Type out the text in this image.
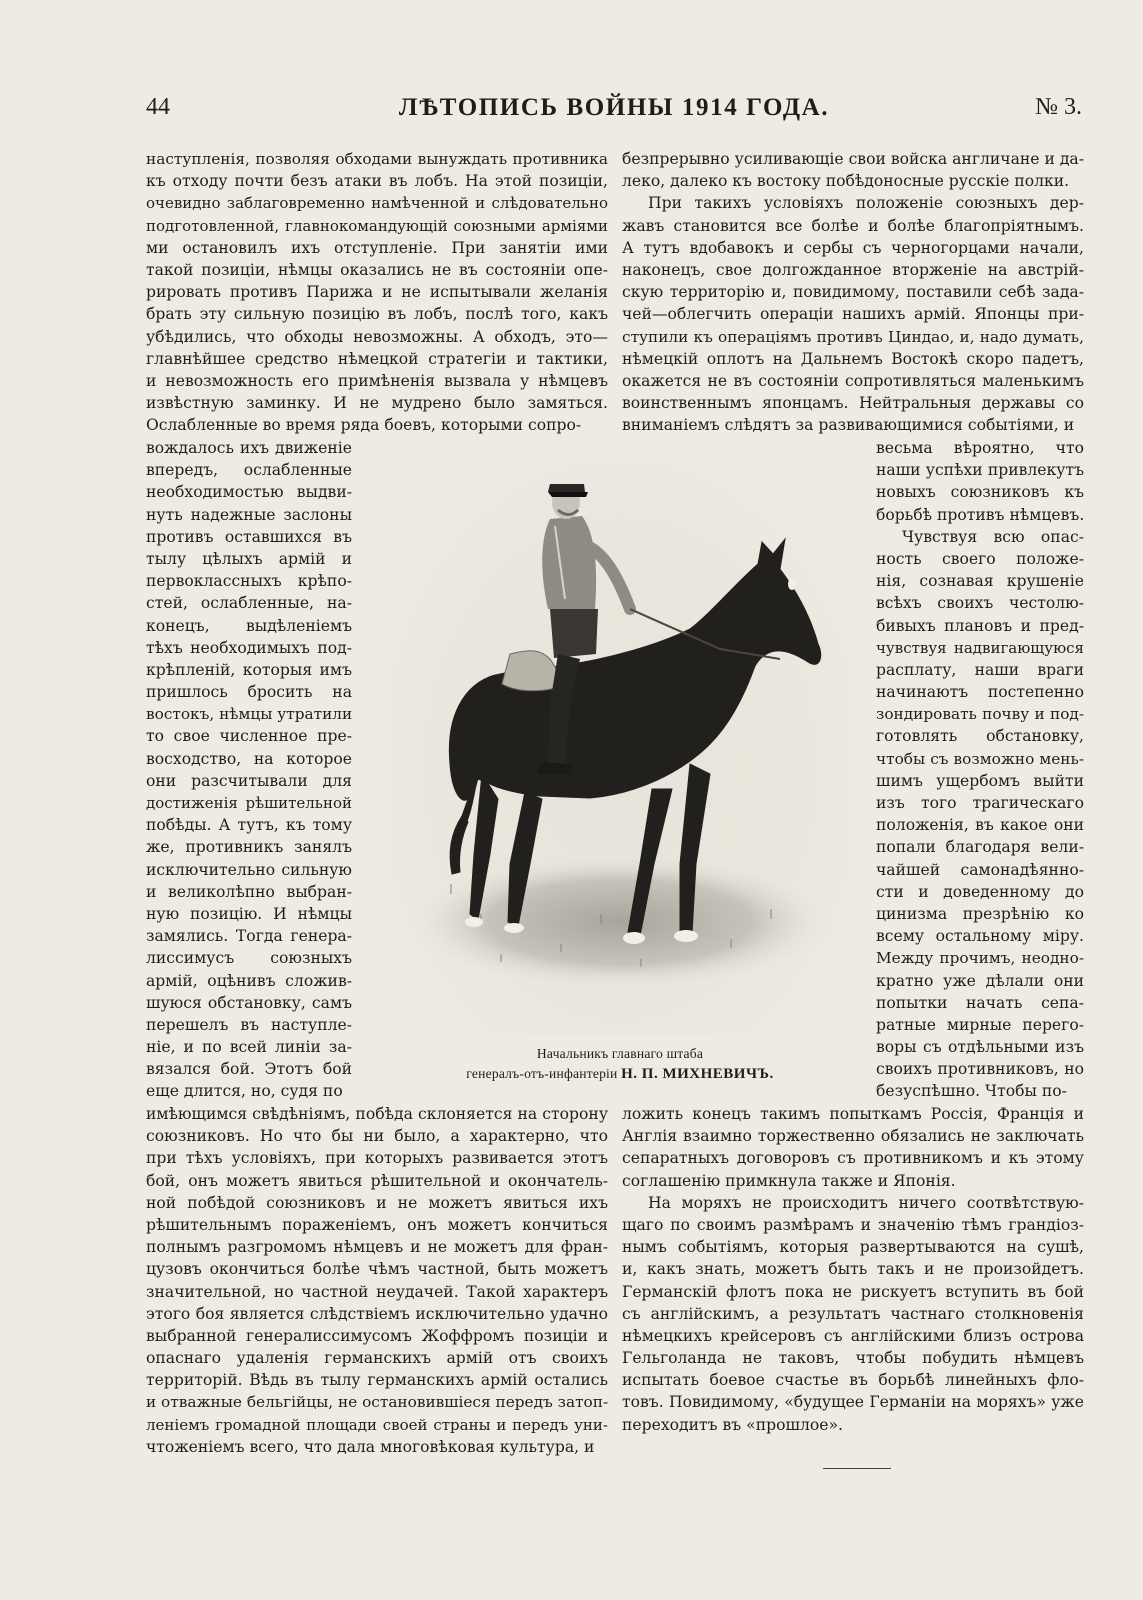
44	ЛѢТОПИСЬ ВОЙНЫ 1914 ГОДА.	№ 3.
наступленія, позволяя обходами вынуждать противника
къ отходу почти безъ атаки въ лобъ. На этой позиціи,
очевидно заблаговременно намѣченной и слѣдовательно
подготовленной, главнокомандующій союзными арміями
ми остановилъ ихъ отступленіе. При занятіи ими
такой позиціи, нѣмцы оказались не въ состояніи опе-
рировать противъ Парижа и не испытывали желанія
брать эту сильную позицію въ лобъ, послѣ того, какъ
убѣдились, что обходы невозможны. А обходъ, это—
главнѣйшее средство нѣмецкой стратегіи и тактики,
и невозможность его примѣненія вызвала у нѣмцевъ
извѣстную заминку. И не мудрено было замяться.
Ослабленные во время ряда боевъ, которыми сопро-
вождалось ихъ движеніе
впередъ, ослабленные
необходимостью выдви-
нуть надежные заслоны
противъ оставшихся въ
тылу цѣлыхъ армій и
первоклассныхъ крѣпо-
стей, ослабленные, на-
конецъ, выдѣленіемъ
тѣхъ необходимыхъ под-
крѣпленій, которыя имъ
пришлось бросить на
востокъ, нѣмцы утратили
то свое численное пре-
восходство, на которое
они разсчитывали для
достиженія рѣшительной
побѣды. А тутъ, къ тому
же, противникъ занялъ
исключительно сильную
и великолѣпно выбран-
ную позицію. И нѣмцы
замялись. Тогда генера-
лиссимусъ союзныхъ
армій, оцѣнивъ сложив-
шуюся обстановку, самъ
перешелъ въ наступле-
ніе, и по всей линіи за-
вязался бой. Этотъ бой
еще длится, но, судя по
имѣющимся свѣдѣніямъ, побѣда склоняется на сторону
союзниковъ. Но что бы ни было, а характерно, что
при тѣхъ условіяхъ, при которыхъ развивается этотъ
бой, онъ можетъ явиться рѣшительной и окончатель-
ной побѣдой союзниковъ и не можетъ явиться ихъ
рѣшительнымъ пораженіемъ, онъ можетъ кончиться
полнымъ разгромомъ нѣмцевъ и не можетъ для фран-
цузовъ окончиться болѣе чѣмъ частной, быть можетъ
значительной, но частной неудачей. Такой характеръ
этого боя является слѣдствіемъ исключительно удачно
выбранной генералиссимусомъ Жоффромъ позиціи и
опаснаго удаленія германскихъ армій отъ своихъ
территорій. Вѣдь въ тылу германскихъ армій остались
и отважные бельгійцы, не остановившіеся передъ затоп-
леніемъ громадной площади своей страны и передъ уни-
чтоженіемъ всего, что дала многовѣковая культура, и
безпрерывно усиливающіе свои войска англичане и да-
леко, далеко къ востоку побѣдоносные русскіе полки.
При такихъ условіяхъ положеніе союзныхъ дер-
жавъ становится все болѣе и болѣе благопріятнымъ.
А тутъ вдобавокъ и сербы съ черногорцами начали,
наконецъ, свое долгожданное вторженіе на австрій-
скую территорію и, повидимому, поставили себѣ зада-
чей—облегчить операціи нашихъ армій. Японцы при-
ступили къ операціямъ противъ Циндао, и, надо думать,
нѣмецкій оплотъ на Дальнемъ Востокѣ скоро падетъ,
окажется не въ состояніи сопротивляться маленькимъ
воинственнымъ японцамъ. Нейтральныя державы со
вниманіемъ слѣдятъ за развивающимися событіями, и
весьма вѣроятно, что
наши успѣхи привлекутъ
новыхъ союзниковъ къ
борьбѣ противъ нѣмцевъ.
Чувствуя всю опас-
ность своего положе-
нія, сознавая крушеніе
всѣхъ своихъ честолю-
бивыхъ плановъ и пред-
чувствуя надвигающуюся
расплату, наши враги
начинаютъ постепенно
зондировать почву и под-
готовлять обстановку,
чтобы съ возможно мень-
шимъ ущербомъ выйти
изъ того трагическаго
положенія, въ какое они
попали благодаря вели-
чайшей самонадѣянно-
сти и доведенному до
цинизма презрѣнію ко
всему остальному міру.
Между прочимъ, неодно-
кратно уже дѣлали они
попытки начать сепа-
ратные мирные перего-
воры съ отдѣльными изъ
своихъ противниковъ, но
безуспѣшно. Чтобы по-
ложить конецъ такимъ попыткамъ Россія, Франція и
Англія взаимно торжественно обязались не заключать
сепаратныхъ договоровъ съ противникомъ и къ этому
соглашенію примкнула также и Японія.
На моряхъ не происходитъ ничего соотвѣтствую-
щаго по своимъ размѣрамъ и значенію тѣмъ грандіоз-
нымъ событіямъ, которыя развертываются на сушѣ,
и, какъ знать, можетъ быть такъ и не произойдетъ.
Германскій флотъ пока не рискуетъ вступить въ бой
съ англійскимъ, а результатъ частнаго столкновенія
нѣмецкихъ крейсеровъ съ англійскими близъ острова
Гельголанда не таковъ, чтобы побудить нѣмцевъ
испытать боевое счастье въ борьбѣ линейныхъ фло-
товъ. Повидимому, «будущее Германіи на моряхъ» уже
переходитъ въ «прошлое».
Начальникъ главнаго штаба
генералъ-отъ-инфантеріи Н. П. МИХНЕВИЧЪ.
